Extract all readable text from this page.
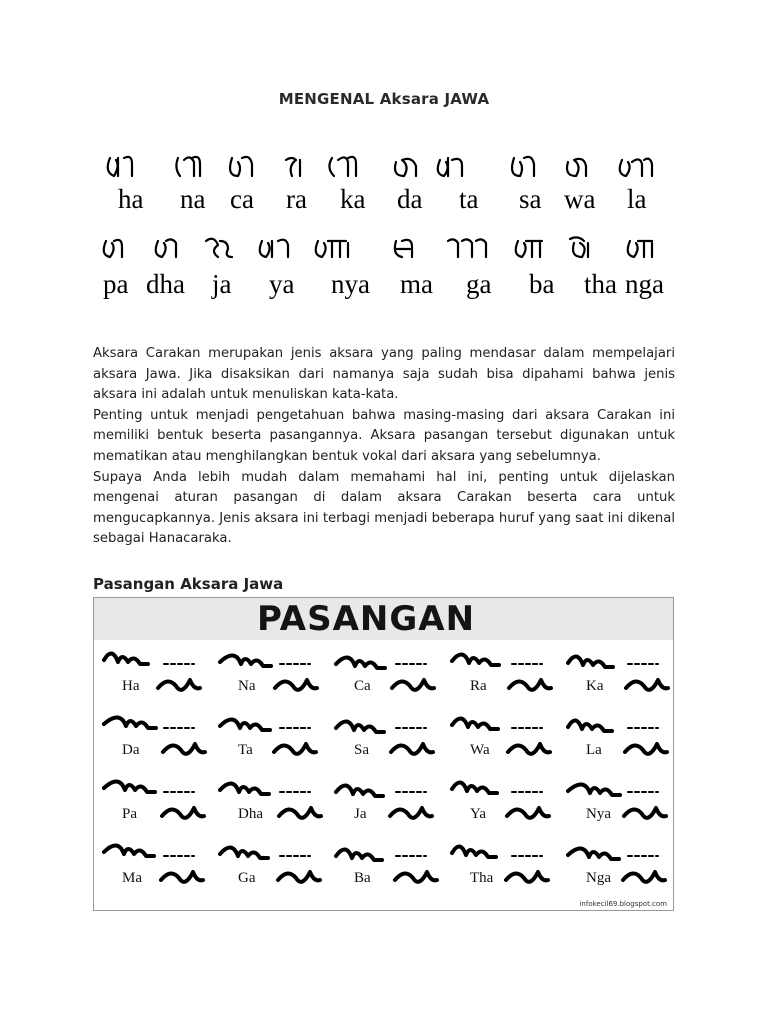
MENGENAL Aksara JAWA
ha na ca ra ka da ta sa wa la
pa dha ja ya nya ma ga ba tha nga

Aksara Carakan merupakan jenis aksara yang paling mendasar dalam mempelajari aksara Jawa. Jika disaksikan dari namanya saja sudah bisa dipahami bahwa jenis aksara ini adalah untuk menuliskan kata-kata.

Penting untuk menjadi pengetahuan bahwa masing-masing dari aksara Carakan ini memiliki bentuk beserta pasangannya. Aksara pasangan tersebut digunakan untuk mematikan atau menghilangkan bentuk vokal dari aksara yang sebelumnya.

Supaya Anda lebih mudah dalam memahami hal ini, penting untuk dijelaskan mengenai aturan pasangan di dalam aksara Carakan beserta cara untuk mengucapkannya. Jenis aksara ini terbagi menjadi beberapa huruf yang saat ini dikenal sebagai Hanacaraka.

Pasangan Aksara Jawa
PASANGAN
Ha	Na	Ca	Ra	Ka
Da	Ta	Sa	Wa	La
Pa	Dha	Ja	Ya	Nya
Ma	Ga	Ba	Tha	Nga
infokecil69.blogspot.com
